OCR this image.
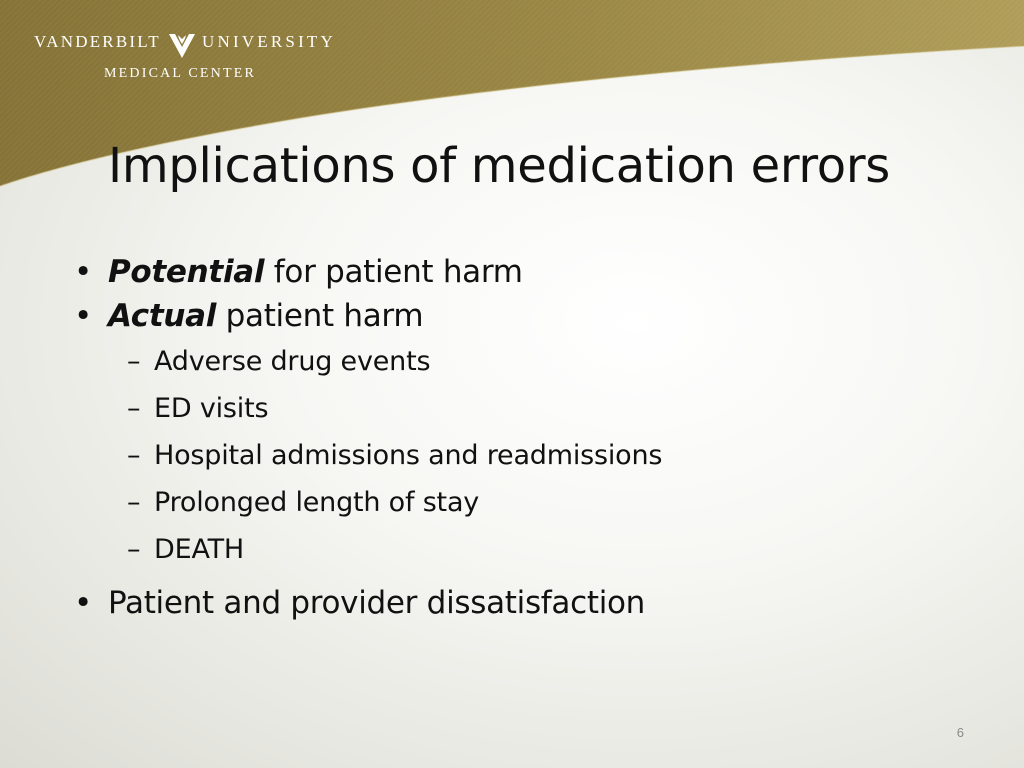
VANDERBILT UNIVERSITY
MEDICAL CENTER
Implications of medication errors
• Potential for patient harm
• Actual patient harm
– Adverse drug events
– ED visits
– Hospital admissions and readmissions
– Prolonged length of stay
– DEATH
• Patient and provider dissatisfaction
6
